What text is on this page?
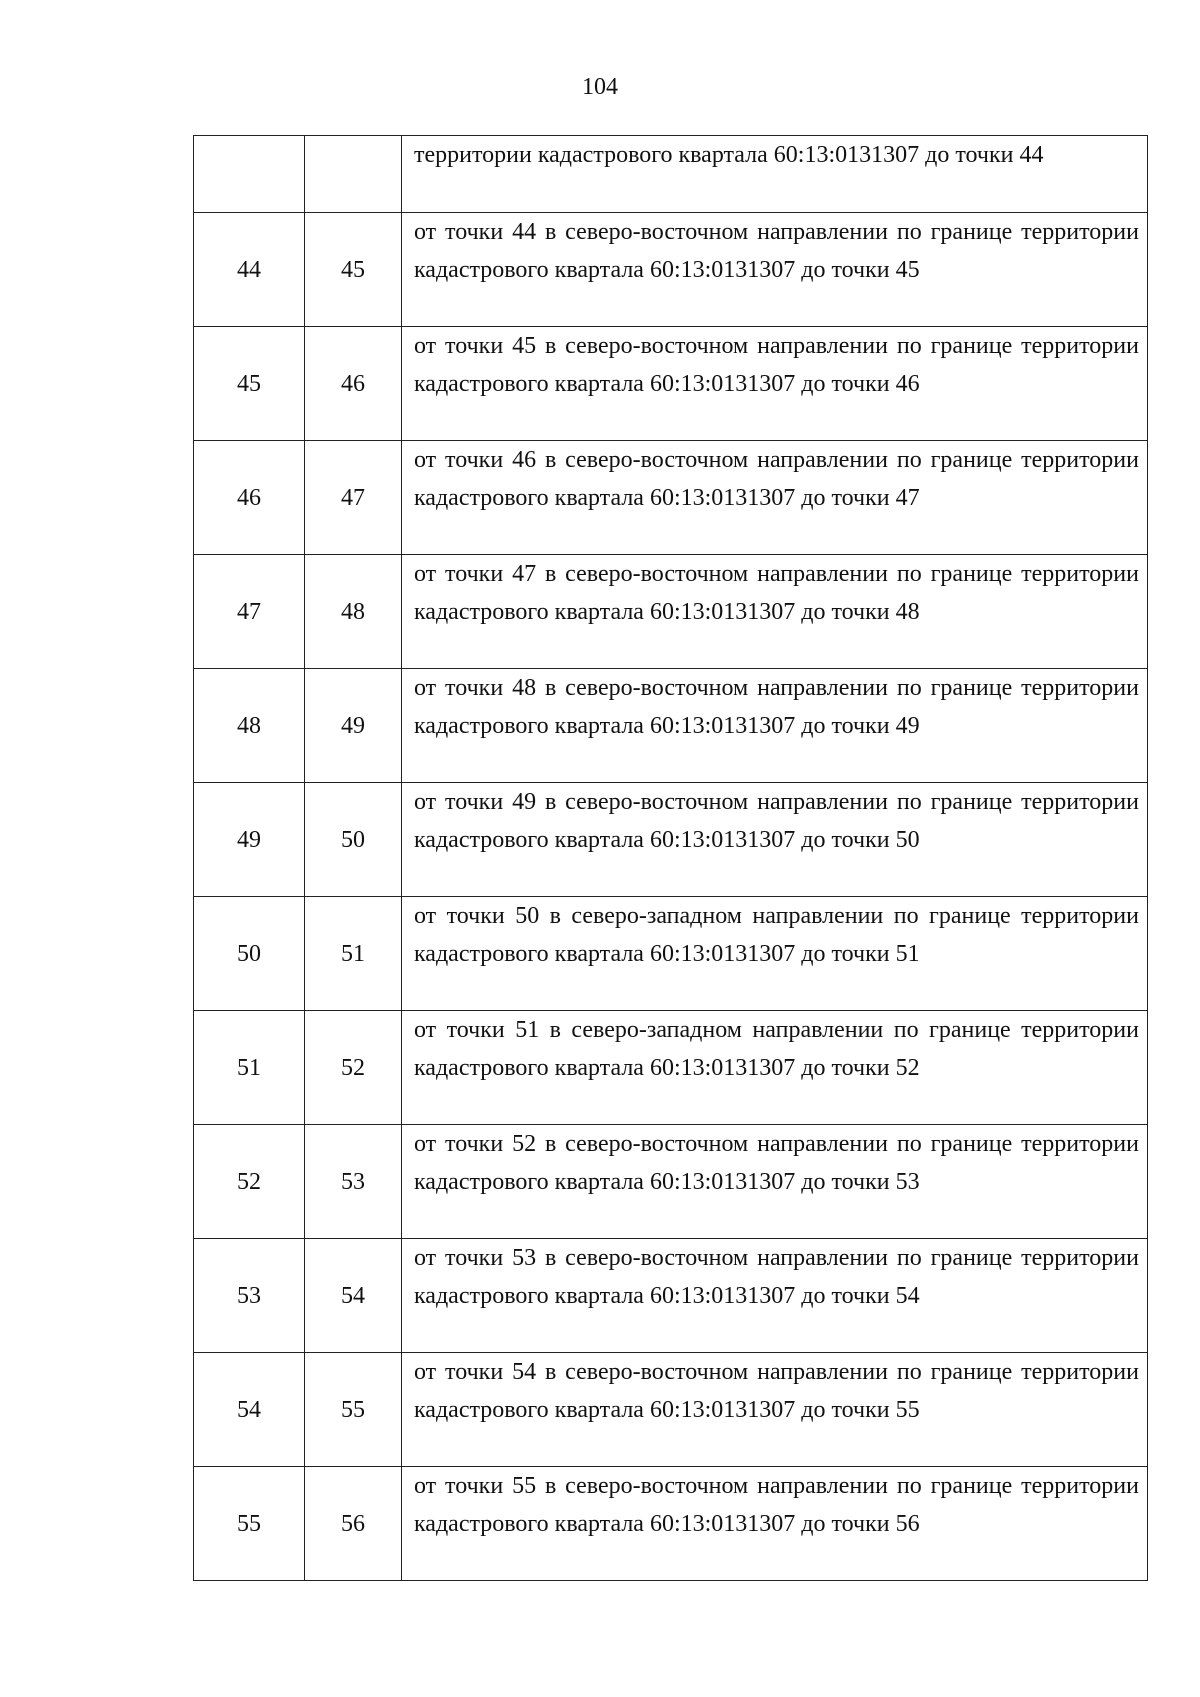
104
		территории кадастрового квартала 60:13:0131307 до точки 44
44	45	от точки 44 в северо-восточном направлении по границе территории кадастрового квартала 60:13:0131307 до точки 45
45	46	от точки 45 в северо-восточном направлении по границе территории кадастрового квартала 60:13:0131307 до точки 46
46	47	от точки 46 в северо-восточном направлении по границе территории кадастрового квартала 60:13:0131307 до точки 47
47	48	от точки 47 в северо-восточном направлении по границе территории кадастрового квартала 60:13:0131307 до точки 48
48	49	от точки 48 в северо-восточном направлении по границе территории кадастрового квартала 60:13:0131307 до точки 49
49	50	от точки 49 в северо-восточном направлении по границе территории кадастрового квартала 60:13:0131307 до точки 50
50	51	от точки 50 в северо-западном направлении по границе территории кадастрового квартала 60:13:0131307 до точки 51
51	52	от точки 51 в северо-западном направлении по границе территории кадастрового квартала 60:13:0131307 до точки 52
52	53	от точки 52 в северо-восточном направлении по границе территории кадастрового квартала 60:13:0131307 до точки 53
53	54	от точки 53 в северо-восточном направлении по границе территории кадастрового квартала 60:13:0131307 до точки 54
54	55	от точки 54 в северо-восточном направлении по границе территории кадастрового квартала 60:13:0131307 до точки 55
55	56	от точки 55 в северо-восточном направлении по границе территории кадастрового квартала 60:13:0131307 до точки 56
